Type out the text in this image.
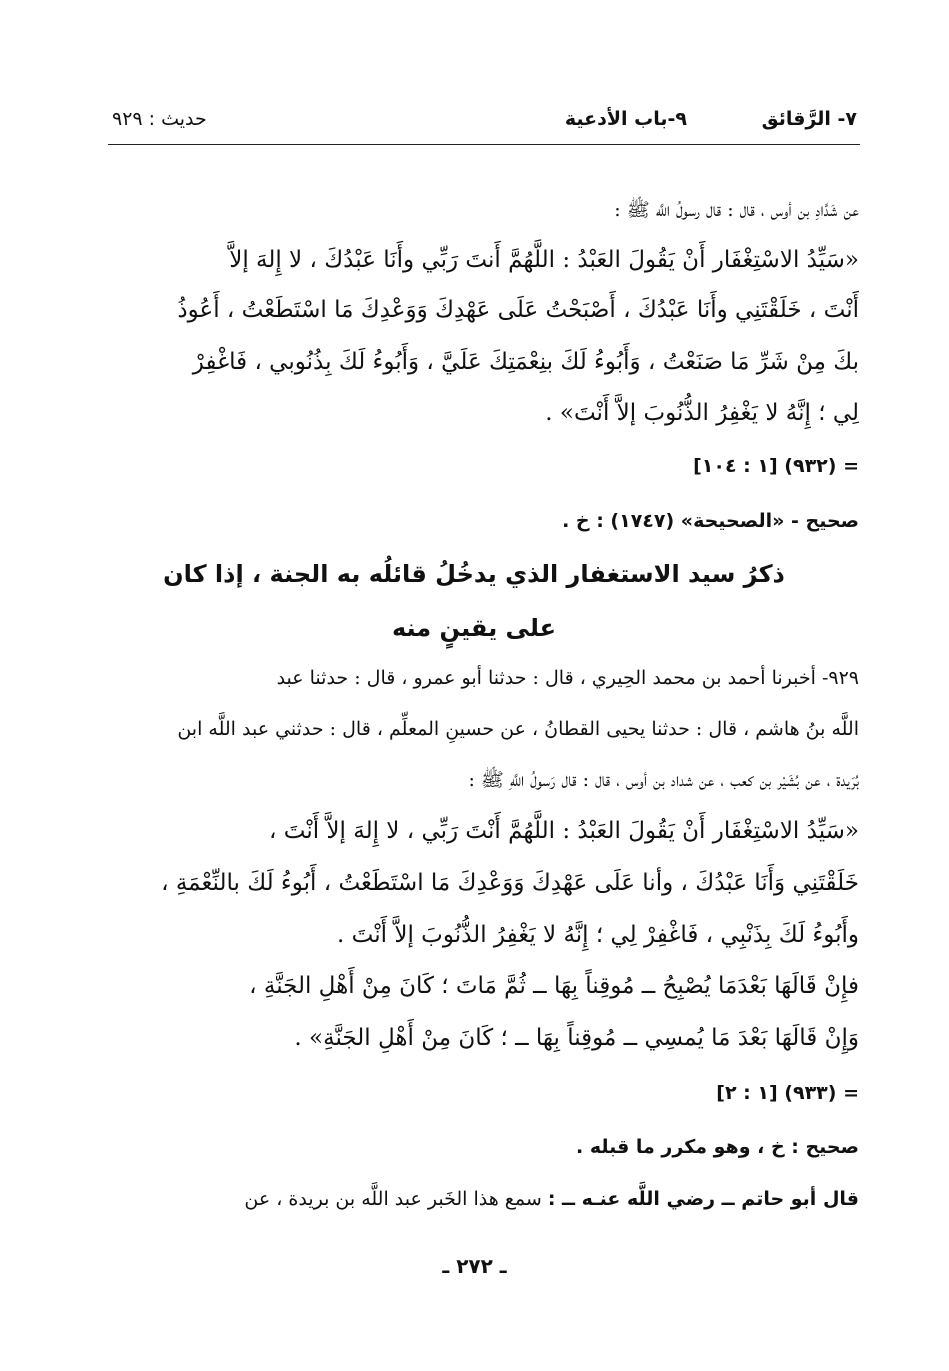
٧- الرَّقائق
٩-باب الأدعية
حديث : ٩٢٩
عن شَدَّادِ بن أوس ، قال : قال رسولُ اللَّه ﷺ :
«سَيِّدُ الاسْتِغْفَار أَنْ يَقُولَ العَبْدُ : اللَّهُمَّ أَنتَ رَبِّي وأَنَا عَبْدُكَ ، لا إِلهَ إلاَّ
أَنْتَ ، خَلَقْتَنِي وأَنَا عَبْدُكَ ، أَصْبَحْتُ عَلَى عَهْدِكَ وَوَعْدِكَ مَا اسْتَطَعْتُ ، أَعُوذُ
بكَ مِنْ شَرِّ مَا صَنَعْتُ ، وَأَبُوءُ لَكَ بنِعْمَتِكَ عَلَيَّ ، وَأَبُوءُ لَكَ بِذُنُوبي ، فَاغْفِرْ
لِي ؛ إِنَّهُ لا يَغْفِرُ الذُّنُوبَ إلاَّ أَنْتَ» .
= (٩٣٢) [١ : ١٠٤]
صحيح - «الصحيحة» (١٧٤٧) : خ .
ذكرُ سيد الاستغفار الذي يدخُلُ قائلُه به الجنة ، إذا كان
على يقينٍ منه
٩٢٩- أخبرنا أحمد بن محمد الحِيري ، قال : حدثنا أبو عمرو ، قال : حدثنا عبد
اللَّه بنُ هاشم ، قال : حدثنا يحيى القطانُ ، عن حسينِ المعلِّم ، قال : حدثني عبد اللَّه ابن
بُرَيدة ، عن بُشَيْر بن كعب ، عن شداد بن أوس ، قال : قال رَسولُ اللَّهِ ﷺ :
«سَيِّدُ الاسْتِغْفَار أَنْ يَقُولَ العَبْدُ : اللَّهُمَّ أَنْتَ رَبِّي ، لا إِلهَ إلاَّ أَنْتَ ،
خَلَقْتَنِي وَأَنَا عَبْدُكَ ، وأنا عَلَى عَهْدِكَ وَوَعْدِكَ مَا اسْتَطَعْتُ ، أَبُوءُ لَكَ بالنِّعْمَةِ ،
وأَبُوءُ لَكَ بِذَنْبِي ، فَاغْفِرْ لِي ؛ إِنَّهُ لا يَغْفِرُ الذُّنُوبَ إلاَّ أَنْتَ .
فإِنْ قَالَهَا بَعْدَمَا يُصْبِحُ ــ مُوقِناً بِهَا ــ ثُمَّ مَاتَ ؛ كَانَ مِنْ أَهْلِ الجَنَّةِ ،
وَإِنْ قَالَهَا بَعْدَ مَا يُمسِي ــ مُوقِناً بِهَا ــ ؛ كَانَ مِنْ أَهْلِ الجَنَّةِ» .
= (٩٣٣) [١ : ٢]
صحيح : خ ، وهو مكرر ما قبله .
قال أبو حاتم ــ رضي اللَّه عنـه ــ : سمع هذا الخَبر عبد اللَّه بن بريدة ، عن
ـ ٢٧٢ ـ
